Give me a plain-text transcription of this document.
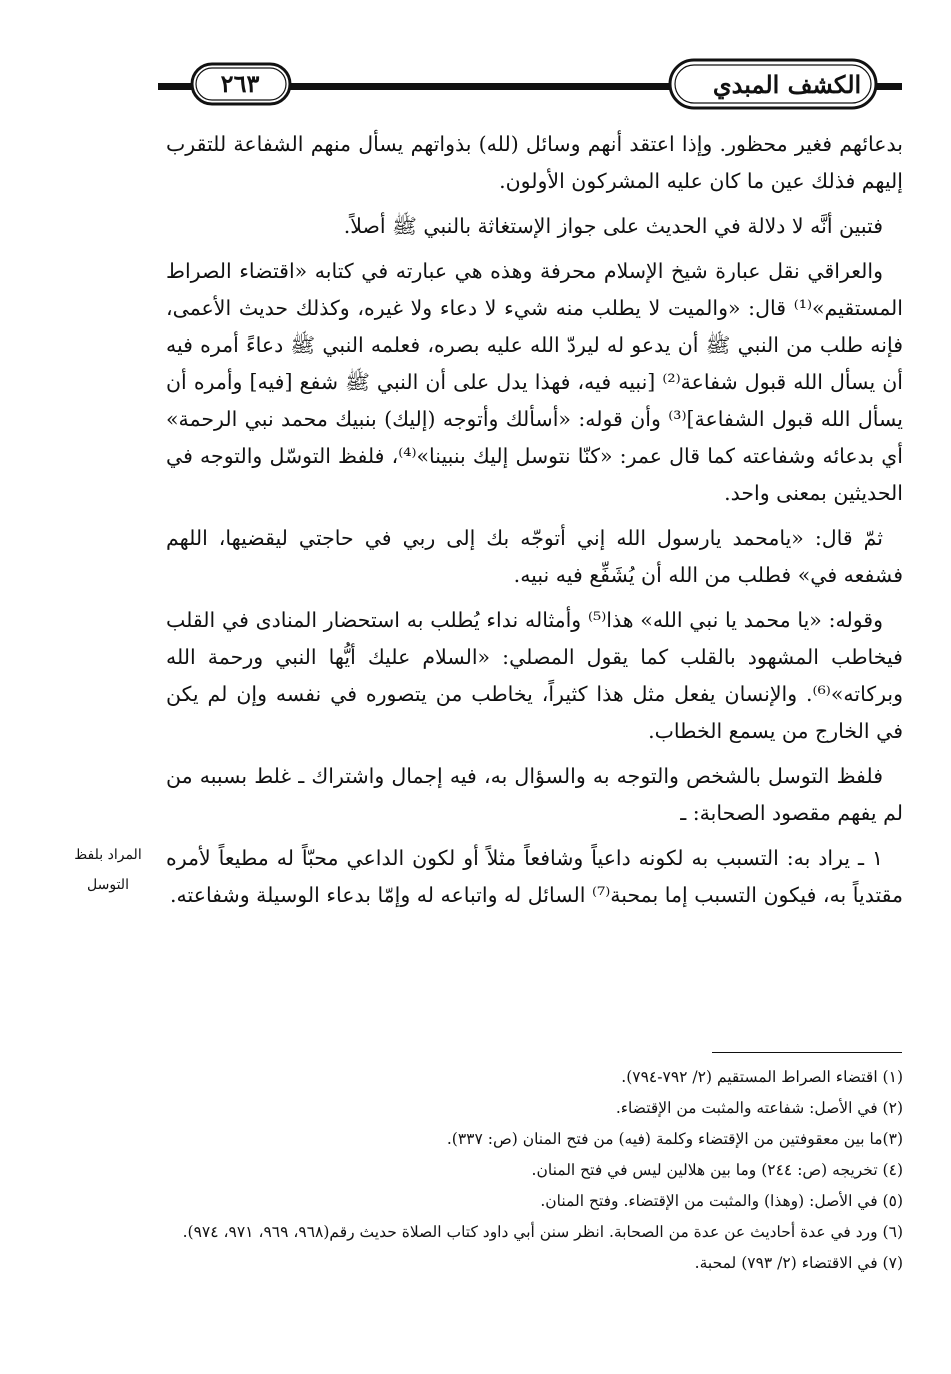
٢٦٣	الكشف المبدي

بدعائهم فغير محظور. وإذا اعتقد أنهم وسائل (لله) بذواتهم يسأل منهم الشفاعة للتقرب إليهم فذلك عين ما كان عليه المشركون الأولون.

فتبين أنَّه لا دلالة في الحديث على جواز الإستغاثة بالنبي ﷺ أصلاً.

والعراقي نقل عبارة شيخ الإسلام محرفة وهذه هي عبارته في كتابه «اقتضاء الصراط المستقيم»⁽¹⁾ قال: «والميت لا يطلب منه شيء لا دعاء ولا غيره، وكذلك حديث الأعمى، فإنه طلب من النبي ﷺ أن يدعو له ليردّ الله عليه بصره، فعلمه النبي ﷺ دعاءً أمره فيه أن يسأل الله قبول شفاعة⁽²⁾ [نبيه فيه، فهذا يدل على أن النبي ﷺ شفع [فيه] وأمره أن يسأل الله قبول الشفاعة]⁽³⁾ وأن قوله: «أسألك وأتوجه (إليك) بنبيك محمد نبي الرحمة» أي بدعائه وشفاعته كما قال عمر: «كنّا نتوسل إليك بنبينا»⁽⁴⁾، فلفظ التوسّل والتوجه في الحديثين بمعنى واحد.

ثمّ قال: «يامحمد يارسول الله إني أتوجّه بك إلى ربي في حاجتي ليقضيها، اللهم فشفعه في» فطلب من الله أن يُشَفِّع فيه نبيه.

وقوله: «يا محمد يا نبي الله» هذا⁽⁵⁾ وأمثاله نداء يُطلب به استحضار المنادى في القلب فيخاطب المشهود بالقلب كما يقول المصلي: «السلام عليك أيُّها النبي ورحمة الله وبركاته»⁽⁶⁾. والإنسان يفعل مثل هذا كثيراً، يخاطب من يتصوره في نفسه وإن لم يكن في الخارج من يسمع الخطاب.

فلفظ التوسل بالشخص والتوجه به والسؤال به، فيه إجمال واشتراك ـ غلط بسببه من لم يفهم مقصود الصحابة: ـ

١ ـ يراد به: التسبب به لكونه داعياً وشافعاً مثلاً أو لكون الداعي محبّاً له مطيعاً لأمره مقتدياً به، فيكون التسبب إما بمحبة⁽⁷⁾ السائل له واتباعه له وإمّا بدعاء الوسيلة وشفاعته.

المراد بلفظ
التوسل
(١) اقتضاء الصراط المستقيم (٢/ ٧٩٢-٧٩٤).
(٢) في الأصل: شفاعته والمثبت من الإقتضاء.
(٣)ما بين معقوفتين من الإقتضاء وكلمة (فيه) من فتح المنان (ص: ٣٣٧).
(٤) تخريجه (ص: ٢٤٤) وما بين هلالين ليس في فتح المنان.
(٥) في الأصل: (وهذا) والمثبت من الإقتضاء. وفتح المنان.
(٦) ورد في عدة أحاديث عن عدة من الصحابة. انظر سنن أبي داود كتاب الصلاة حديث رقم(٩٦٨، ٩٦٩، ٩٧١، ٩٧٤).
(٧) في الاقتضاء (٢/ ٧٩٣) لمحبة.
